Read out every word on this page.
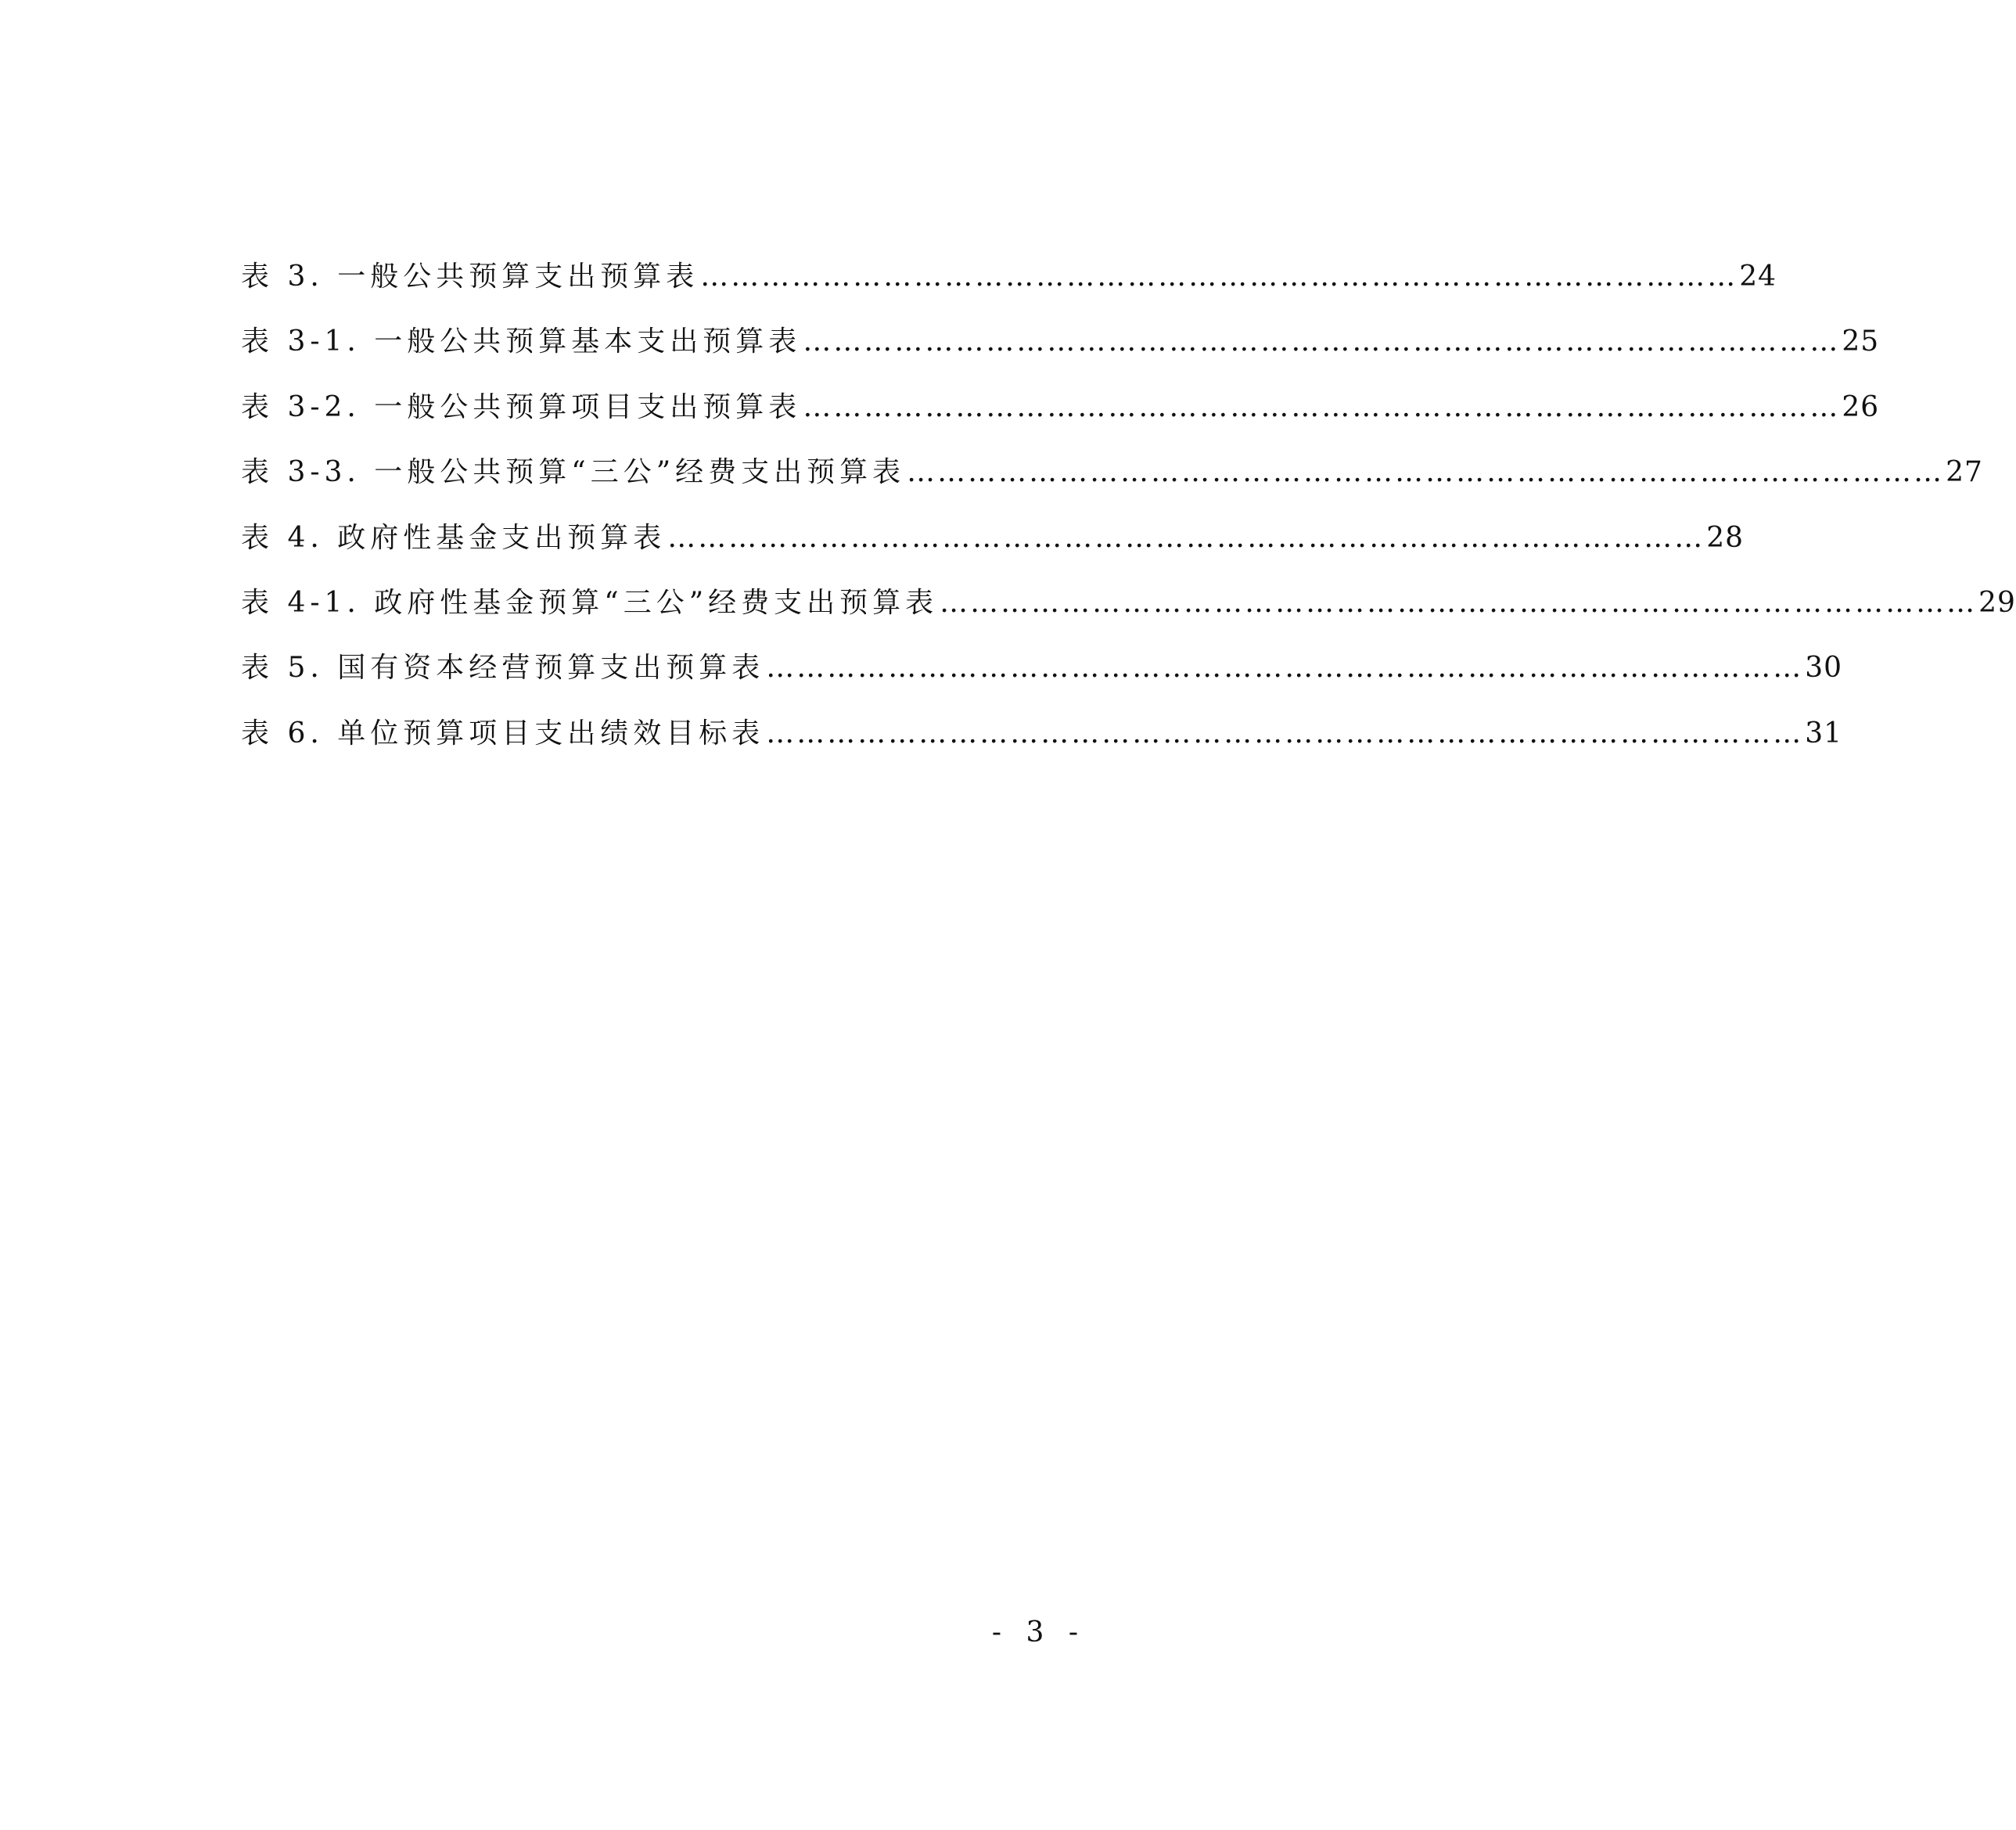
表 3. 一般公共预算支出预算表 ………………………………………………………………………………………… 24
表 3-1. 一般公共预算基本支出预算表 ………………………………………………………………………………………… 25
表 3-2. 一般公共预算项目支出预算表 ………………………………………………………………………………………… 26
表 3-3. 一般公共预算“三公”经费支出预算表 ………………………………………………………………………………………… 27
表 4. 政府性基金支出预算表 ………………………………………………………………………………………… 28
表 4-1. 政府性基金预算“三公”经费支出预算表 ………………………………………………………………………………………… 29
表 5. 国有资本经营预算支出预算表 ………………………………………………………………………………………… 30
表 6. 单位预算项目支出绩效目标表 ………………………………………………………………………………………… 31
- 3 -
